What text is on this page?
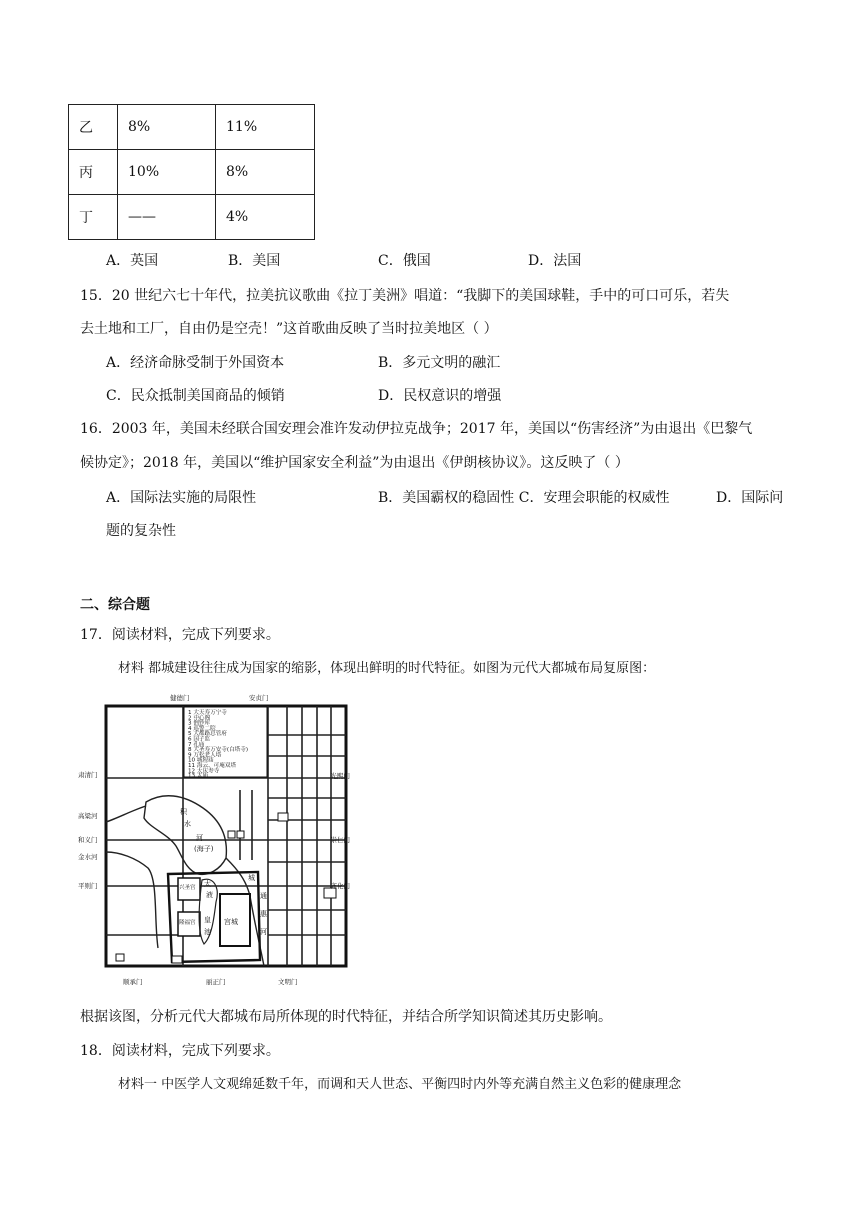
乙	8%	11%
丙	10%	8%
丁	——	4%
A．英国	B．美国	C．俄国	D．法国
15．20 世纪六七十年代，拉美抗议歌曲《拉丁美洲》唱道：“我脚下的美国球鞋，手中的可口可乐，若失
去土地和工厂，自由仍是空壳！”这首歌曲反映了当时拉美地区（ ）
A．经济命脉受制于外国资本	B．多元文明的融汇
C．民众抵制美国商品的倾销	D．民权意识的增强
16．2003 年，美国未经联合国安理会准许发动伊拉克战争；2017 年，美国以“伤害经济”为由退出《巴黎气
候协定》；2018 年，美国以“维护国家安全利益”为由退出《伊朗核协议》。这反映了（ ）
A．国际法实施的局限性	B．美国霸权的稳固性 C．安理会职能的权威性	D．国际问
题的复杂性
二、综合题
17．阅读材料，完成下列要求。
材料 都城建设往往成为国家的缩影，体现出鲜明的时代特征。如图为元代大都城布局复原图：
1 大天寿万宁寺
2 中心阁
3 倒钞库
4 巡警二院
5 大都路总管府
6 国子监
7 孔庙
8 大圣寿万安寺(白塔寺)
9 万松老人塔
10 城隍庙
11 海云、可庵双塔
12 大庆寿寺
13 太庙
健德门	安贞门
肃清门
和义门
平则门
光熙门
崇仁门
齐化门
顺承门	丽正门	文明门
高粱河
金水河
积
水
河
(海子)
兴圣宫 太
液
隆福宫 皇
池
宫城
城
通
惠
河
根据该图，分析元代大都城布局所体现的时代特征，并结合所学知识简述其历史影响。
18．阅读材料，完成下列要求。
材料一 中医学人文观绵延数千年，而调和天人世态、平衡四时内外等充满自然主义色彩的健康理念
